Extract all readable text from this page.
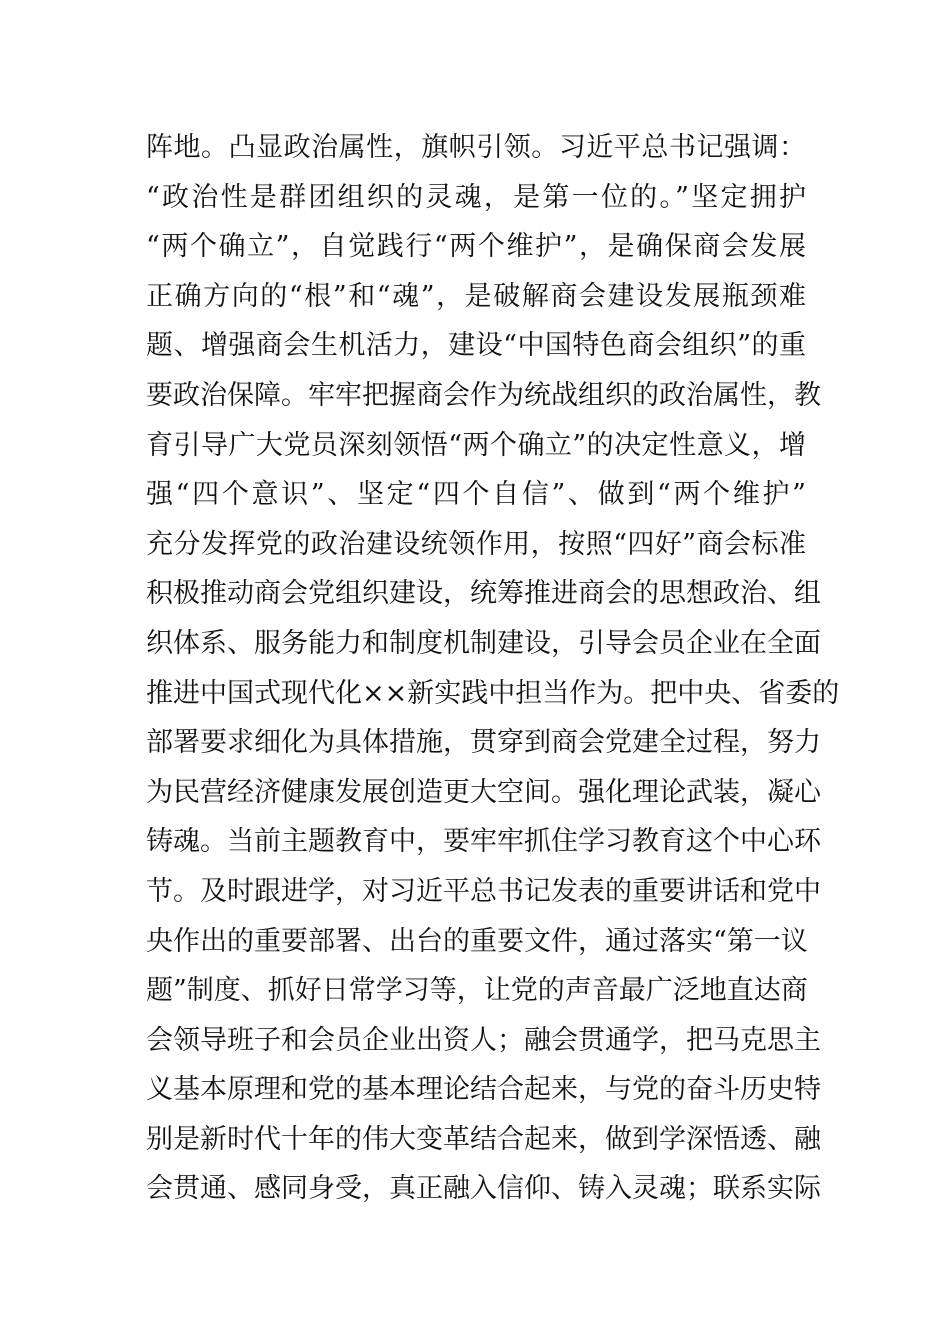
阵地。凸显政治属性，旗帜引领。习近平总书记强调：
“政治性是群团组织的灵魂，是第一位的。”坚定拥护
“两个确立”，自觉践行“两个维护”，是确保商会发展
正确方向的“根”和“魂”，是破解商会建设发展瓶颈难
题、增强商会生机活力，建设“中国特色商会组织”的重
要政治保障。牢牢把握商会作为统战组织的政治属性，教
育引导广大党员深刻领悟“两个确立”的决定性意义，增
强“四个意识”、坚定“四个自信”、做到“两个维护”
充分发挥党的政治建设统领作用，按照“四好”商会标准
积极推动商会党组织建设，统筹推进商会的思想政治、组
织体系、服务能力和制度机制建设，引导会员企业在全面
推进中国式现代化××新实践中担当作为。把中央、省委的
部署要求细化为具体措施，贯穿到商会党建全过程，努力
为民营经济健康发展创造更大空间。强化理论武装，凝心
铸魂。当前主题教育中，要牢牢抓住学习教育这个中心环
节。及时跟进学，对习近平总书记发表的重要讲话和党中
央作出的重要部署、出台的重要文件，通过落实“第一议
题”制度、抓好日常学习等，让党的声音最广泛地直达商
会领导班子和会员企业出资人；融会贯通学，把马克思主
义基本原理和党的基本理论结合起来，与党的奋斗历史特
别是新时代十年的伟大变革结合起来，做到学深悟透、融
会贯通、感同身受，真正融入信仰、铸入灵魂；联系实际
